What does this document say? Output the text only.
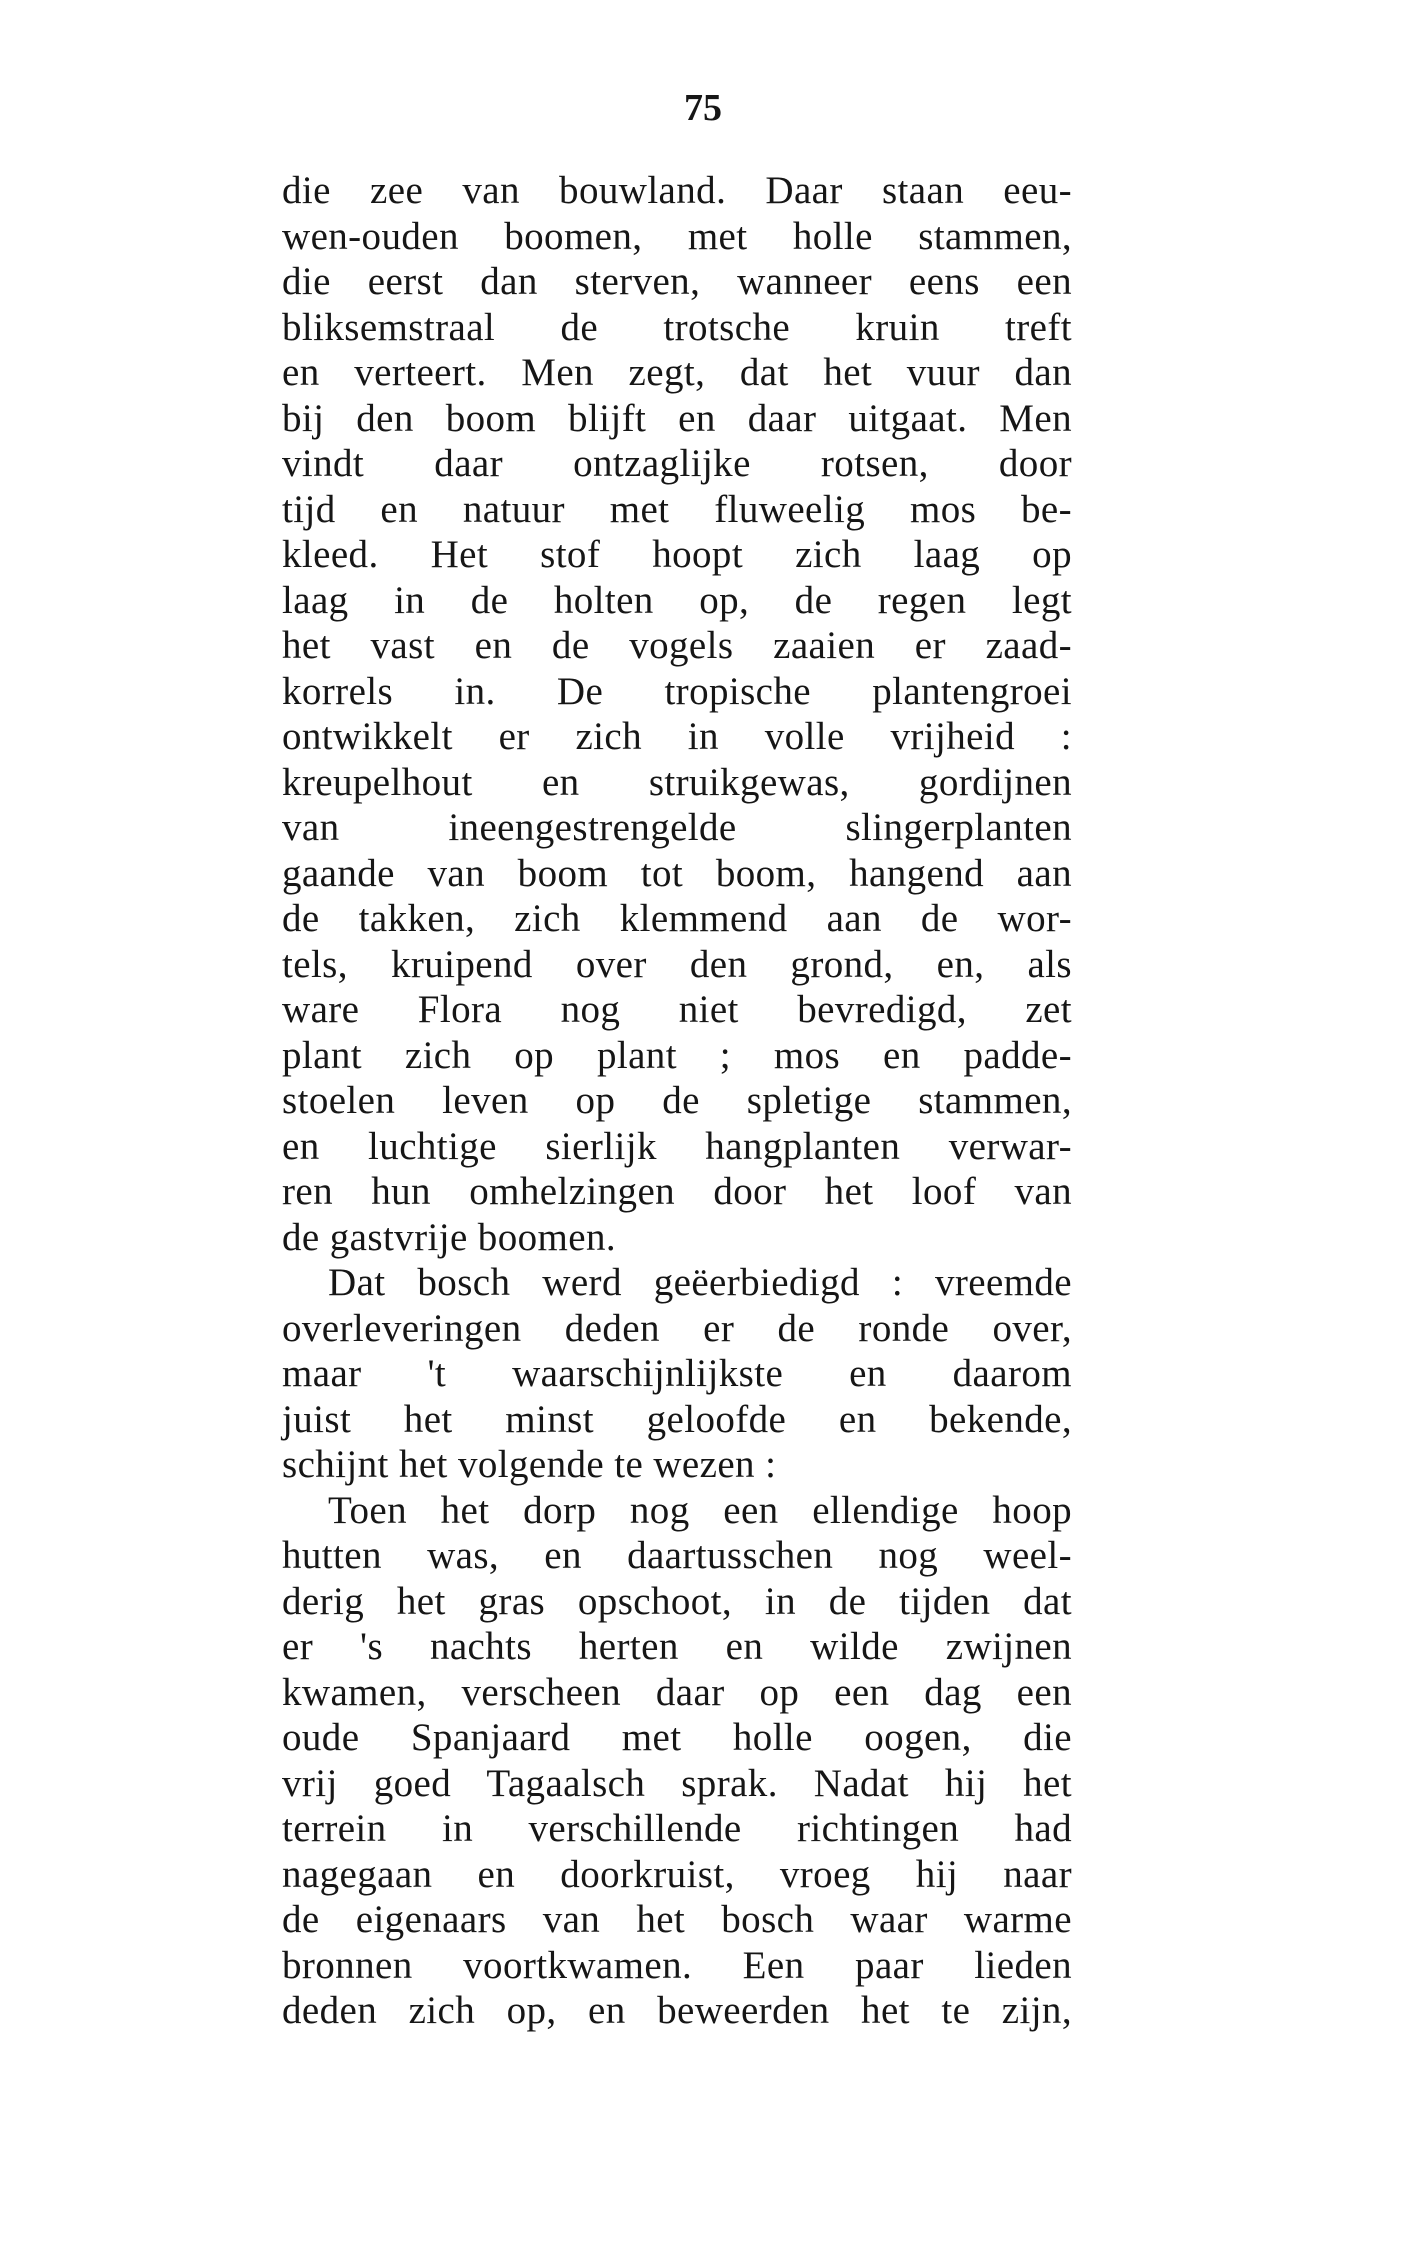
75
die zee van bouwland. Daar staan eeu-
wen-ouden boomen, met holle stammen,
die eerst dan sterven, wanneer eens een
bliksemstraal de trotsche kruin treft
en verteert. Men zegt, dat het vuur dan
bij den boom blijft en daar uitgaat. Men
vindt daar ontzaglijke rotsen, door
tijd en natuur met fluweelig mos be-
kleed. Het stof hoopt zich laag op
laag in de holten op, de regen legt
het vast en de vogels zaaien er zaad-
korrels in. De tropische plantengroei
ontwikkelt er zich in volle vrijheid :
kreupelhout en struikgewas, gordijnen
van ineengestrengelde slingerplanten
gaande van boom tot boom, hangend aan
de takken, zich klemmend aan de wor-
tels, kruipend over den grond, en, als
ware Flora nog niet bevredigd, zet
plant zich op plant ; mos en padde-
stoelen leven op de spletige stammen,
en luchtige sierlijk hangplanten verwar-
ren hun omhelzingen door het loof van
de gastvrije boomen.
Dat bosch werd geëerbiedigd : vreemde
overleveringen deden er de ronde over,
maar 't waarschijnlijkste en daarom
juist het minst geloofde en bekende,
schijnt het volgende te wezen :
Toen het dorp nog een ellendige hoop
hutten was, en daartusschen nog weel-
derig het gras opschoot, in de tijden dat
er 's nachts herten en wilde zwijnen
kwamen, verscheen daar op een dag een
oude Spanjaard met holle oogen, die
vrij goed Tagaalsch sprak. Nadat hij het
terrein in verschillende richtingen had
nagegaan en doorkruist, vroeg hij naar
de eigenaars van het bosch waar warme
bronnen voortkwamen. Een paar lieden
deden zich op, en beweerden het te zijn,
